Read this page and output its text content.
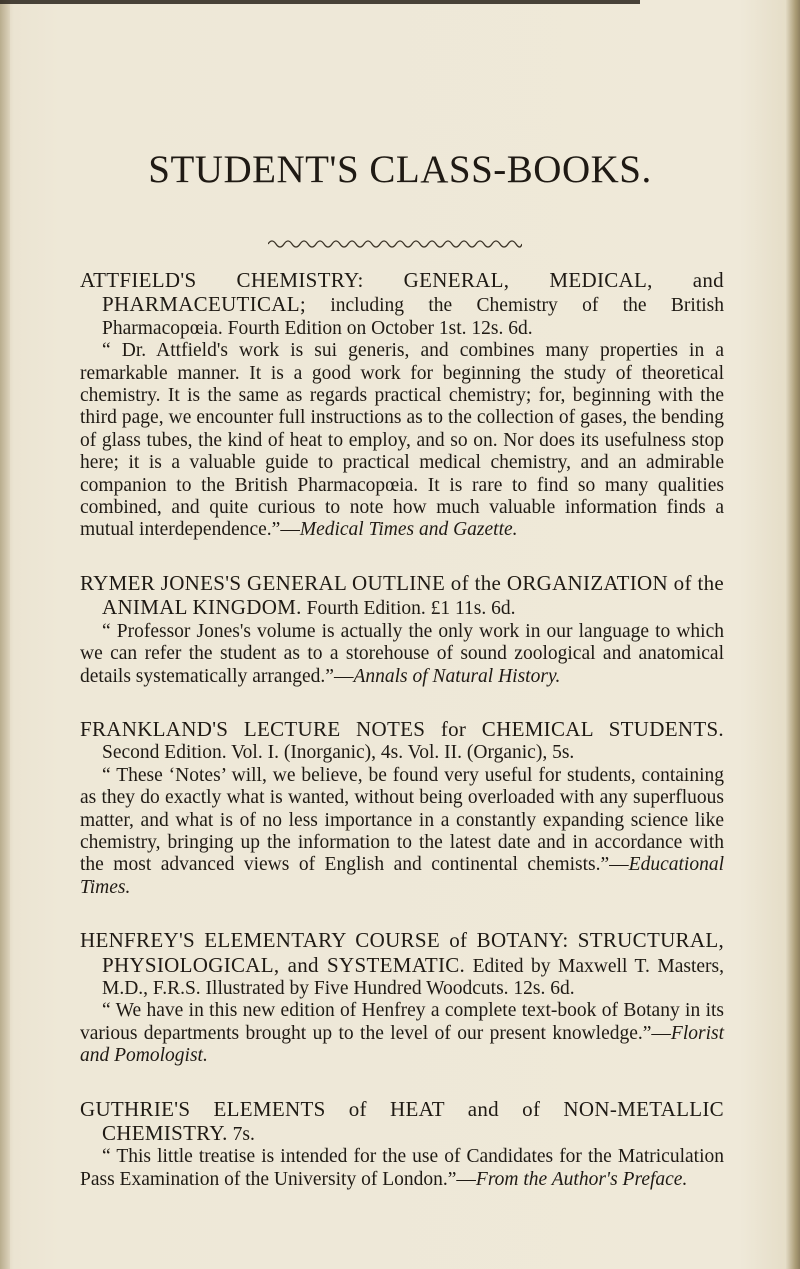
STUDENT'S CLASS-BOOKS.

ATTFIELD'S CHEMISTRY: GENERAL, MEDICAL, and PHARMACEUTICAL; including the Chemistry of the British Pharmacopœia. Fourth Edition on October 1st. 12s. 6d.

“ Dr. Attfield's work is sui generis, and combines many properties in a remarkable manner. It is a good work for beginning the study of theoretical chemistry. It is the same as regards practical chemistry; for, beginning with the third page, we encounter full instructions as to the collection of gases, the bending of glass tubes, the kind of heat to employ, and so on. Nor does its usefulness stop here; it is a valuable guide to practical medical chemistry, and an admirable companion to the British Pharmacopœia. It is rare to find so many qualities combined, and quite curious to note how much valuable information finds a mutual interdependence.”—Medical Times and Gazette.

RYMER JONES'S GENERAL OUTLINE of the ORGANIZATION of the ANIMAL KINGDOM. Fourth Edition. £1 11s. 6d.

“ Professor Jones's volume is actually the only work in our language to which we can refer the student as to a storehouse of sound zoological and anatomical details systematically arranged.”—Annals of Natural History.

FRANKLAND'S LECTURE NOTES for CHEMICAL STUDENTS. Second Edition. Vol. I. (Inorganic), 4s. Vol. II. (Organic), 5s.

“ These ‘Notes’ will, we believe, be found very useful for students, containing as they do exactly what is wanted, without being overloaded with any superfluous matter, and what is of no less importance in a constantly expanding science like chemistry, bringing up the information to the latest date and in accordance with the most advanced views of English and continental chemists.”—Educational Times.

HENFREY'S ELEMENTARY COURSE of BOTANY: STRUCTURAL, PHYSIOLOGICAL, and SYSTEMATIC. Edited by Maxwell T. Masters, M.D., F.R.S. Illustrated by Five Hundred Woodcuts. 12s. 6d.

“ We have in this new edition of Henfrey a complete text-book of Botany in its various departments brought up to the level of our present knowledge.”—Florist and Pomologist.

GUTHRIE'S ELEMENTS of HEAT and of NON-METALLIC CHEMISTRY. 7s.

“ This little treatise is intended for the use of Candidates for the Matriculation Pass Examination of the University of London.”—From the Author's Preface.
